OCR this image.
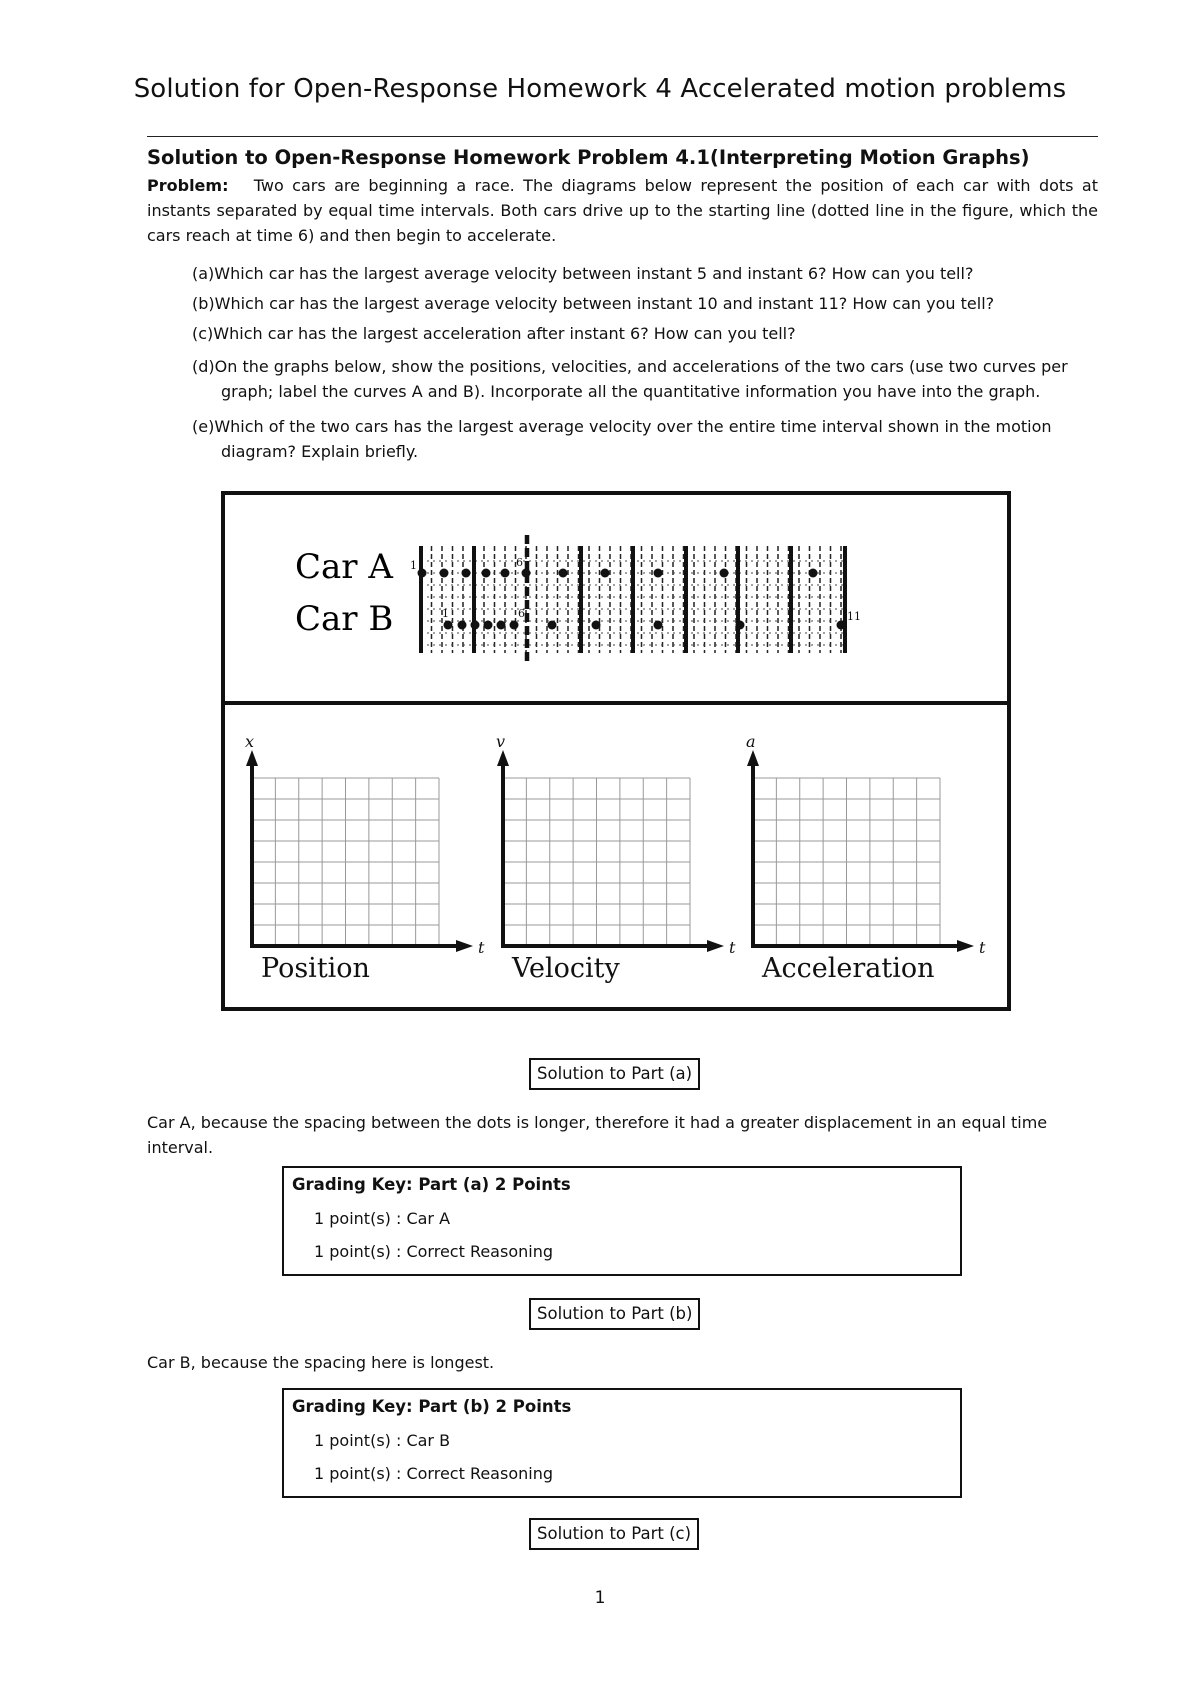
Solution for Open-Response Homework 4 Accelerated motion problems
Solution to Open-Response Homework Problem 4.1(Interpreting Motion Graphs)
Problem: Two cars are beginning a race. The diagrams below represent the position of each car with dots at instants separated by equal time intervals. Both cars drive up to the starting line (dotted line in the figure, which the cars reach at time 6) and then begin to accelerate.
(a)Which car has the largest average velocity between instant 5 and instant 6? How can you tell?
(b)Which car has the largest average velocity between instant 10 and instant 11? How can you tell?
(c)Which car has the largest acceleration after instant 6? How can you tell?
(d)On the graphs below, show the positions, velocities, and accelerations of the two cars (use two curves per graph; label the curves A and B). Incorporate all the quantitative information you have into the graph.
(e)Which of the two cars has the largest average velocity over the entire time interval shown in the motion diagram? Explain briefly.
Car A
Car B
1	6
1	6	11
x
t
Position
v
t
Velocity
a
t
Acceleration
Solution to Part (a)
Car A, because the spacing between the dots is longer, therefore it had a greater displacement in an equal time interval.
Grading Key: Part (a) 2 Points
1 point(s) : Car A
1 point(s) : Correct Reasoning
Solution to Part (b)
Car B, because the spacing here is longest.
Grading Key: Part (b) 2 Points
1 point(s) : Car B
1 point(s) : Correct Reasoning
Solution to Part (c)
1
